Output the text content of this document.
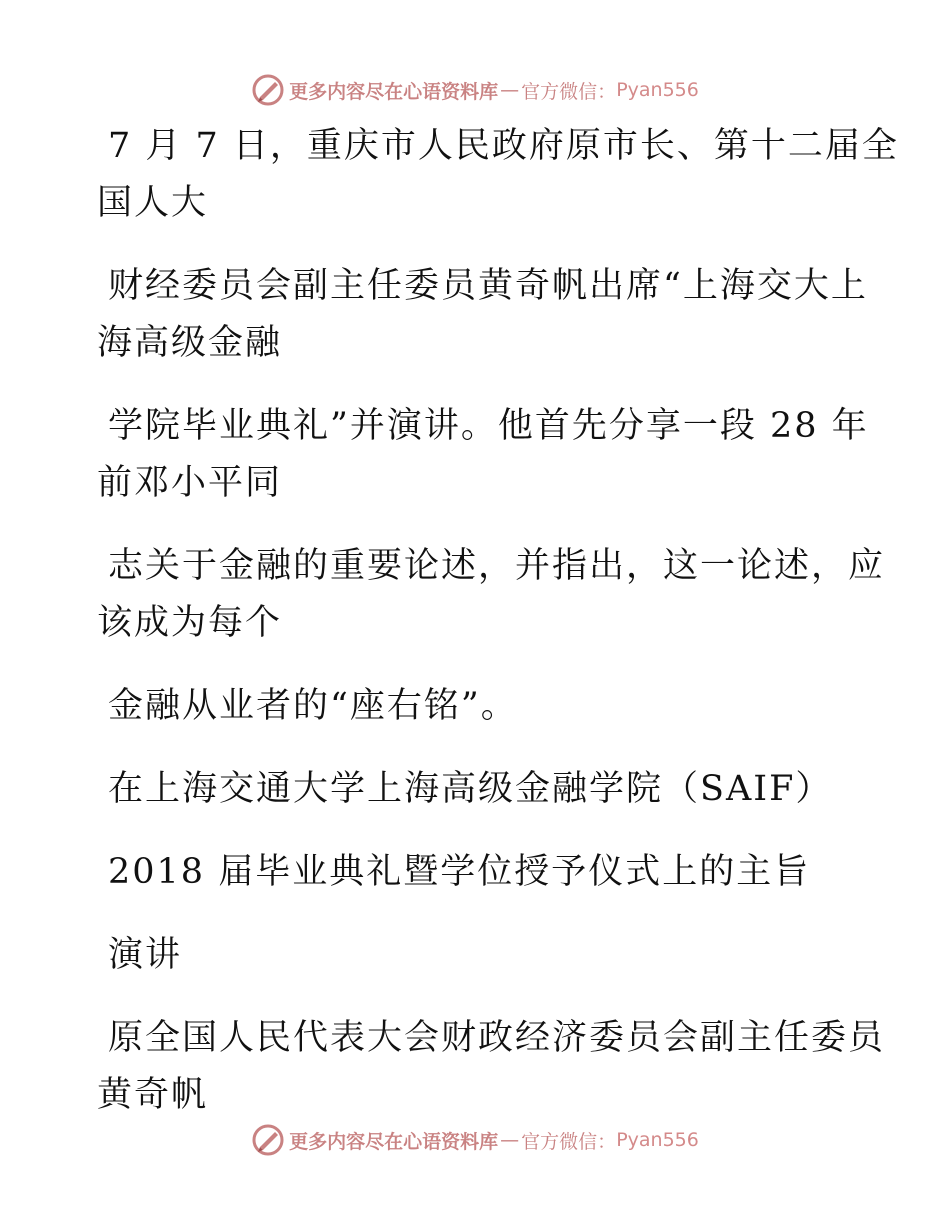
更多内容尽在心语资料库 — 官方微信： Pyan556

7 月 7 日，重庆市人民政府原市长、第十二届全
国人大

财经委员会副主任委员黄奇帆出席“上海交大上
海高级金融

学院毕业典礼”并演讲。他首先分享一段 28 年
前邓小平同

志关于金融的重要论述，并指出，这一论述，应
该成为每个

金融从业者的“座右铭”。

在上海交通大学上海高级金融学院（SAIF）

2018 届毕业典礼暨学位授予仪式上的主旨

演讲

原全国人民代表大会财政经济委员会副主任委员
黄奇帆

更多内容尽在心语资料库 — 官方微信： Pyan556
